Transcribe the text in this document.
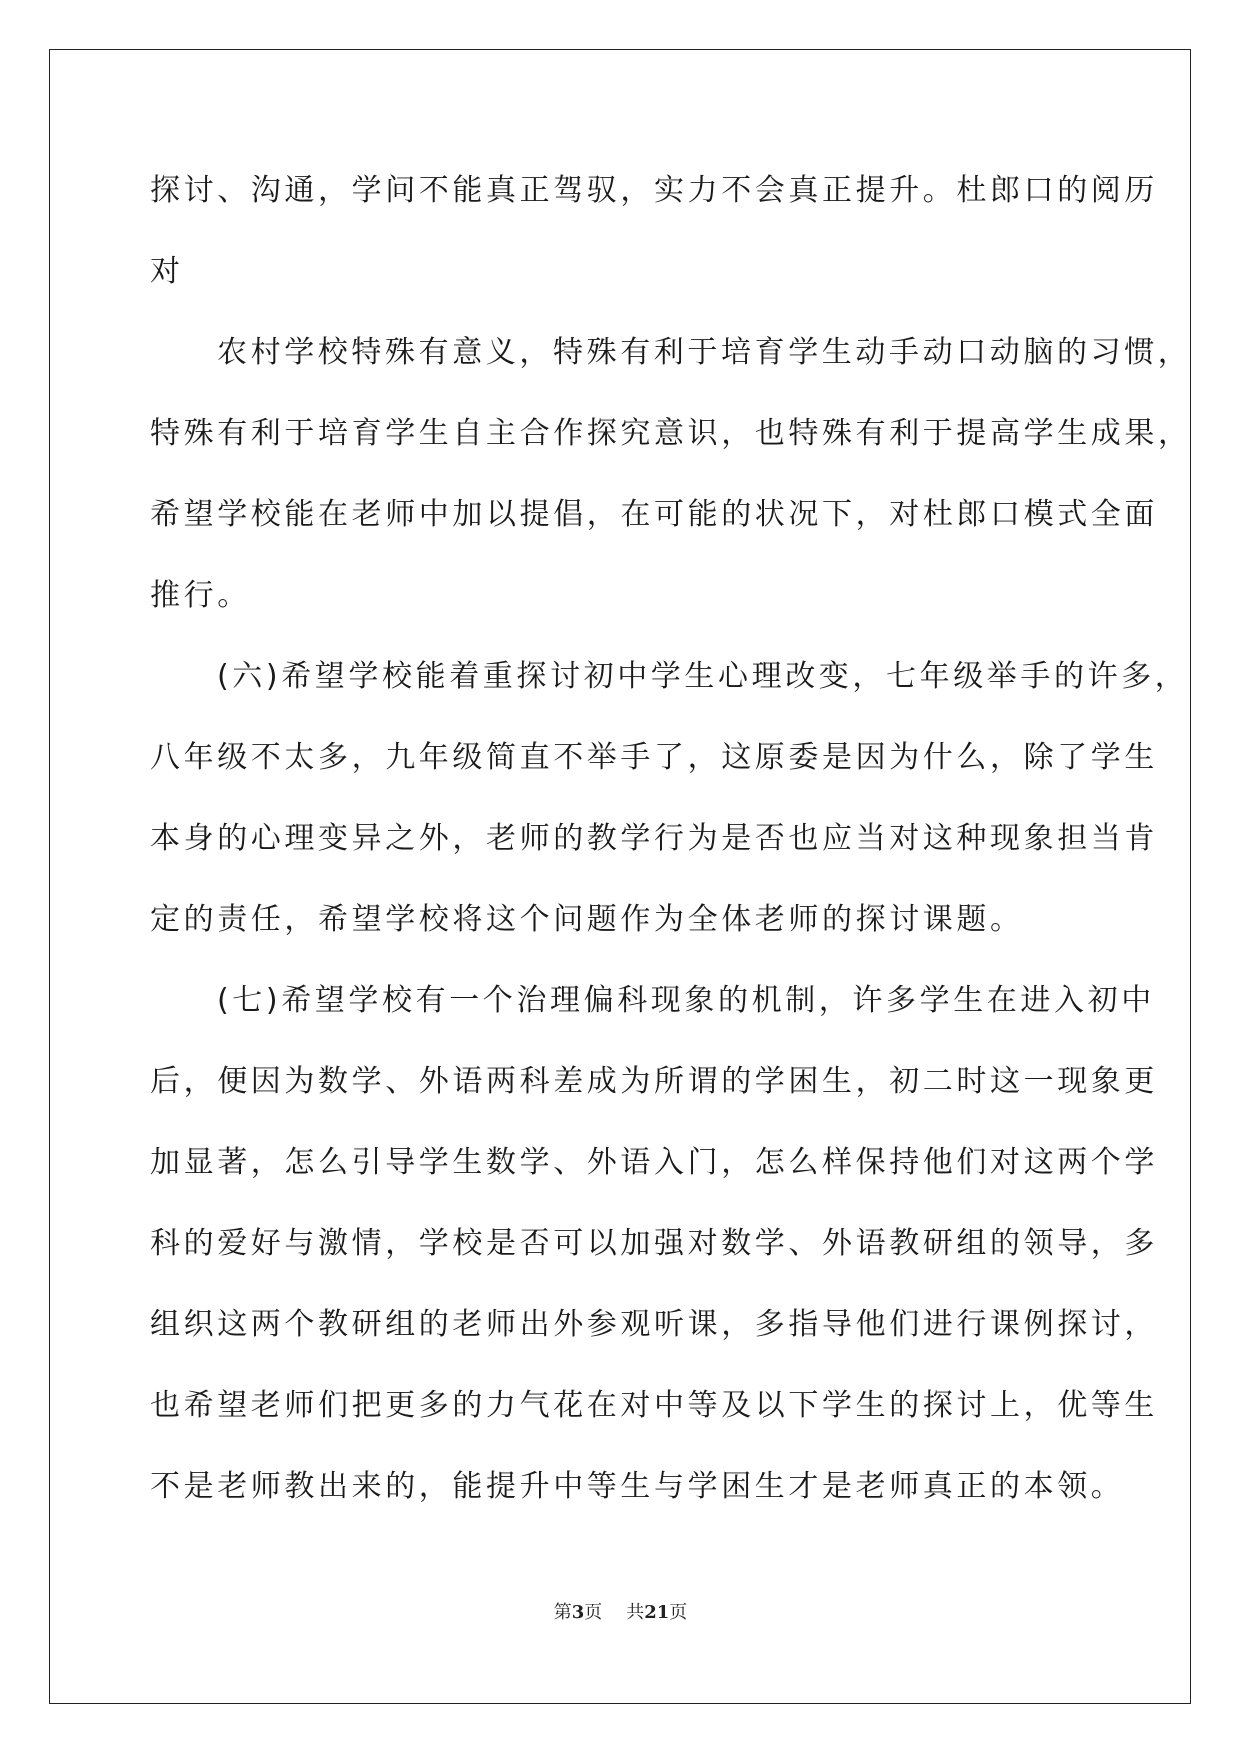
探讨、沟通，学问不能真正驾驭，实力不会真正提升。杜郎口的阅历
对
农村学校特殊有意义，特殊有利于培育学生动手动口动脑的习惯，
特殊有利于培育学生自主合作探究意识，也特殊有利于提高学生成果，
希望学校能在老师中加以提倡，在可能的状况下，对杜郎口模式全面
推行。
(六)希望学校能着重探讨初中学生心理改变，七年级举手的许多，
八年级不太多，九年级简直不举手了，这原委是因为什么，除了学生
本身的心理变异之外，老师的教学行为是否也应当对这种现象担当肯
定的责任，希望学校将这个问题作为全体老师的探讨课题。
(七)希望学校有一个治理偏科现象的机制，许多学生在进入初中
后，便因为数学、外语两科差成为所谓的学困生，初二时这一现象更
加显著，怎么引导学生数学、外语入门，怎么样保持他们对这两个学
科的爱好与激情，学校是否可以加强对数学、外语教研组的领导，多
组织这两个教研组的老师出外参观听课，多指导他们进行课例探讨，
也希望老师们把更多的力气花在对中等及以下学生的探讨上，优等生
不是老师教出来的，能提升中等生与学困生才是老师真正的本领。
第3页 共21页
